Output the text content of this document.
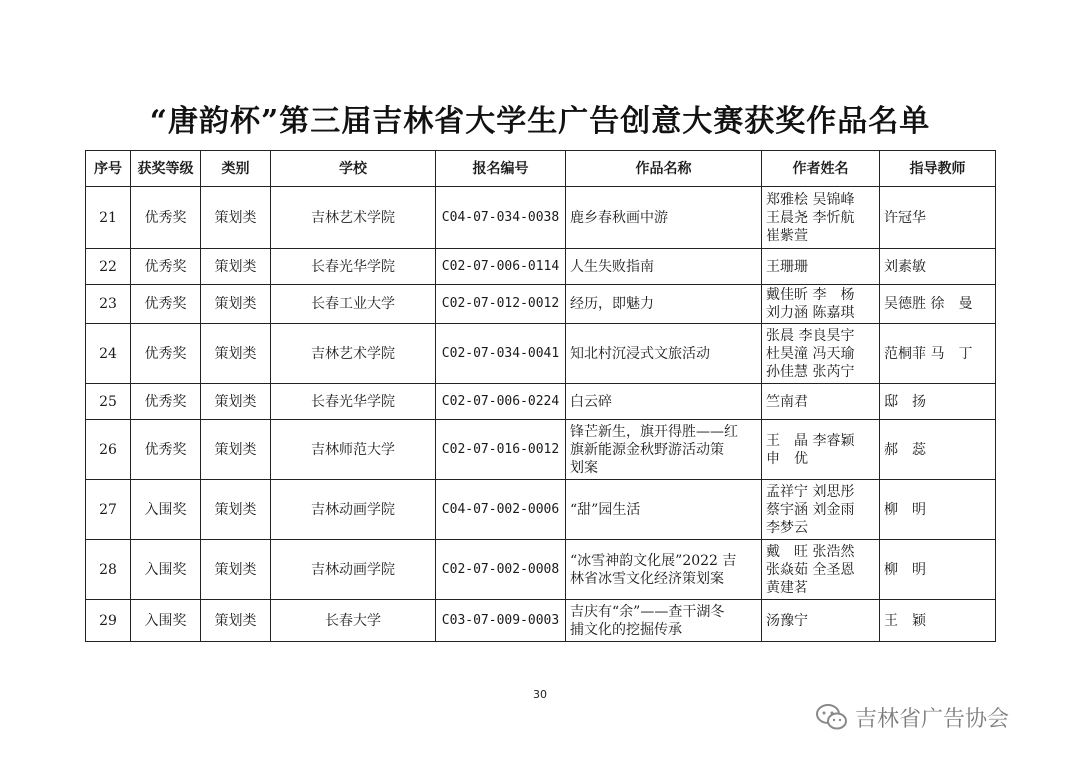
“唐韵杯”第三届吉林省大学生广告创意大赛获奖作品名单
序号	获奖等级	类别	学校	报名编号	作品名称	作者姓名	指导教师
21	优秀奖	策划类	吉林艺术学院	C04-07-034-0038	鹿乡春秋画中游	郑雅桧 吴锦峰
王晨尧 李忻航
崔紫萱	许冠华
22	优秀奖	策划类	长春光华学院	C02-07-006-0114	人生失败指南	王珊珊	刘素敏
23	优秀奖	策划类	长春工业大学	C02-07-012-0012	经历，即魅力	戴佳昕 李　杨
刘力涵 陈嘉琪	吴德胜 徐　曼
24	优秀奖	策划类	吉林艺术学院	C02-07-034-0041	知北村沉浸式文旅活动	张晨 李良昊宇
杜昊潼 冯天瑜
孙佳慧 张芮宁	范桐菲 马　丁
25	优秀奖	策划类	长春光华学院	C02-07-006-0224	白云碎	竺南君	邸　扬
26	优秀奖	策划类	吉林师范大学	C02-07-016-0012	锋芒新生，旗开得胜——红
旗新能源金秋野游活动策
划案	王　晶 李睿颖
申　优	郝　蕊
27	入围奖	策划类	吉林动画学院	C04-07-002-0006	“甜”园生活	孟祥宁 刘思彤
蔡宇涵 刘金雨
李梦云	柳　明
28	入围奖	策划类	吉林动画学院	C02-07-002-0008	“冰雪神韵文化展”2022 吉
林省冰雪文化经济策划案	戴　旺 张浩然
张焱茹 全圣恩
黄建茗	柳　明
29	入围奖	策划类	长春大学	C03-07-009-0003	吉庆有“余”——查干湖冬
捕文化的挖掘传承	汤豫宁	王　颖
30
吉林省广告协会
